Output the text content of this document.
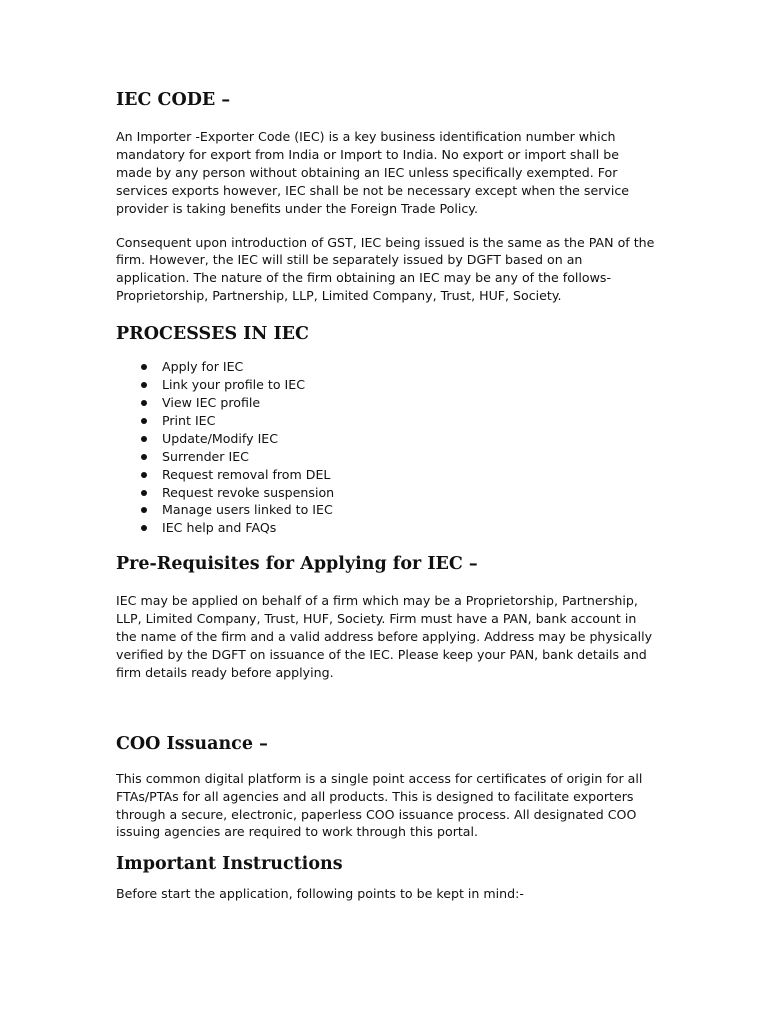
IEC CODE –

An Importer -Exporter Code (IEC) is a key business identification number which mandatory for export from India or Import to India. No export or import shall be made by any person without obtaining an IEC unless specifically exempted. For services exports however, IEC shall be not be necessary except when the service provider is taking benefits under the Foreign Trade Policy.

Consequent upon introduction of GST, IEC being issued is the same as the PAN of the firm. However, the IEC will still be separately issued by DGFT based on an application. The nature of the firm obtaining an IEC may be any of the follows- Proprietorship, Partnership, LLP, Limited Company, Trust, HUF, Society.

PROCESSES IN IEC
Apply for IEC
Link your profile to IEC
View IEC profile
Print IEC
Update/Modify IEC
Surrender IEC
Request removal from DEL
Request revoke suspension
Manage users linked to IEC
IEC help and FAQs
Pre-Requisites for Applying for IEC –

IEC may be applied on behalf of a firm which may be a Proprietorship, Partnership, LLP, Limited Company, Trust, HUF, Society. Firm must have a PAN, bank account in the name of the firm and a valid address before applying. Address may be physically verified by the DGFT on issuance of the IEC. Please keep your PAN, bank details and firm details ready before applying.

COO Issuance –

This common digital platform is a single point access for certificates of origin for all FTAs/PTAs for all agencies and all products. This is designed to facilitate exporters through a secure, electronic, paperless COO issuance process. All designated COO issuing agencies are required to work through this portal.

Important Instructions

Before start the application, following points to be kept in mind:-
